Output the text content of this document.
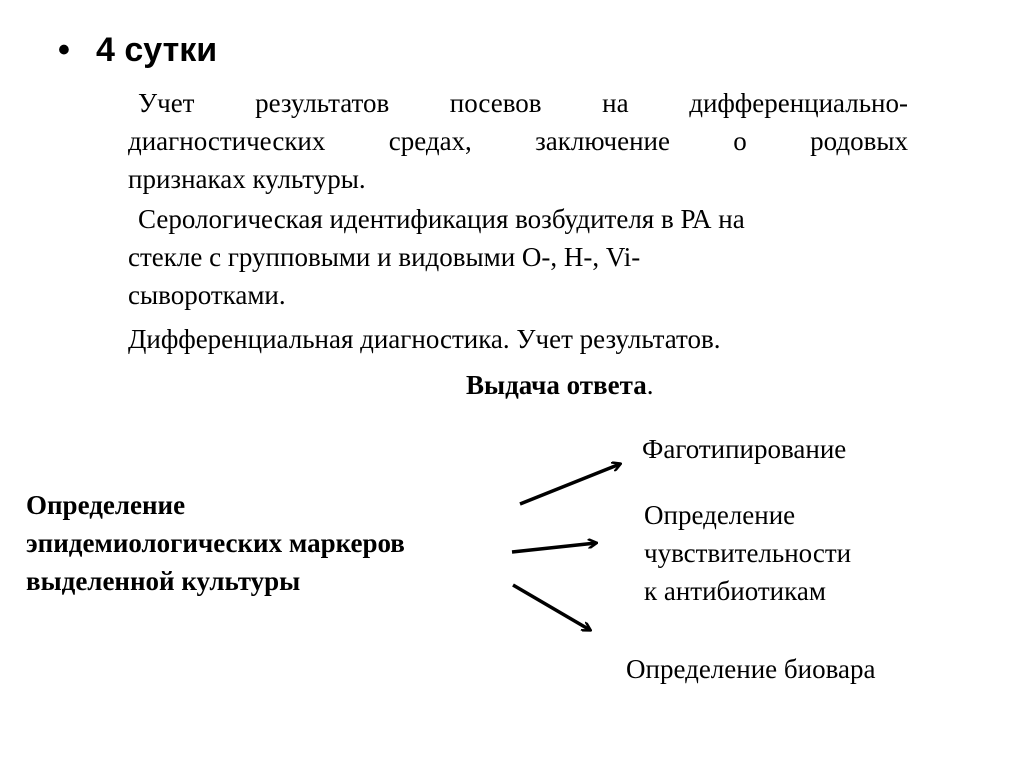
• 4 сутки
Учет результатов посевов на дифференциально-
диагностических средах, заключение о родовых
признаках культуры.
Серологическая идентификация возбудителя в РА на
стекле с групповыми и видовыми О-, Н-, Vi-
сыворотками.
Дифференциальная диагностика. Учет результатов.
Выдача ответа.
Определение
эпидемиологических маркеров
выделенной культуры
Фаготипирование
Определение
чувствительности
к антибиотикам
Определение биовара
